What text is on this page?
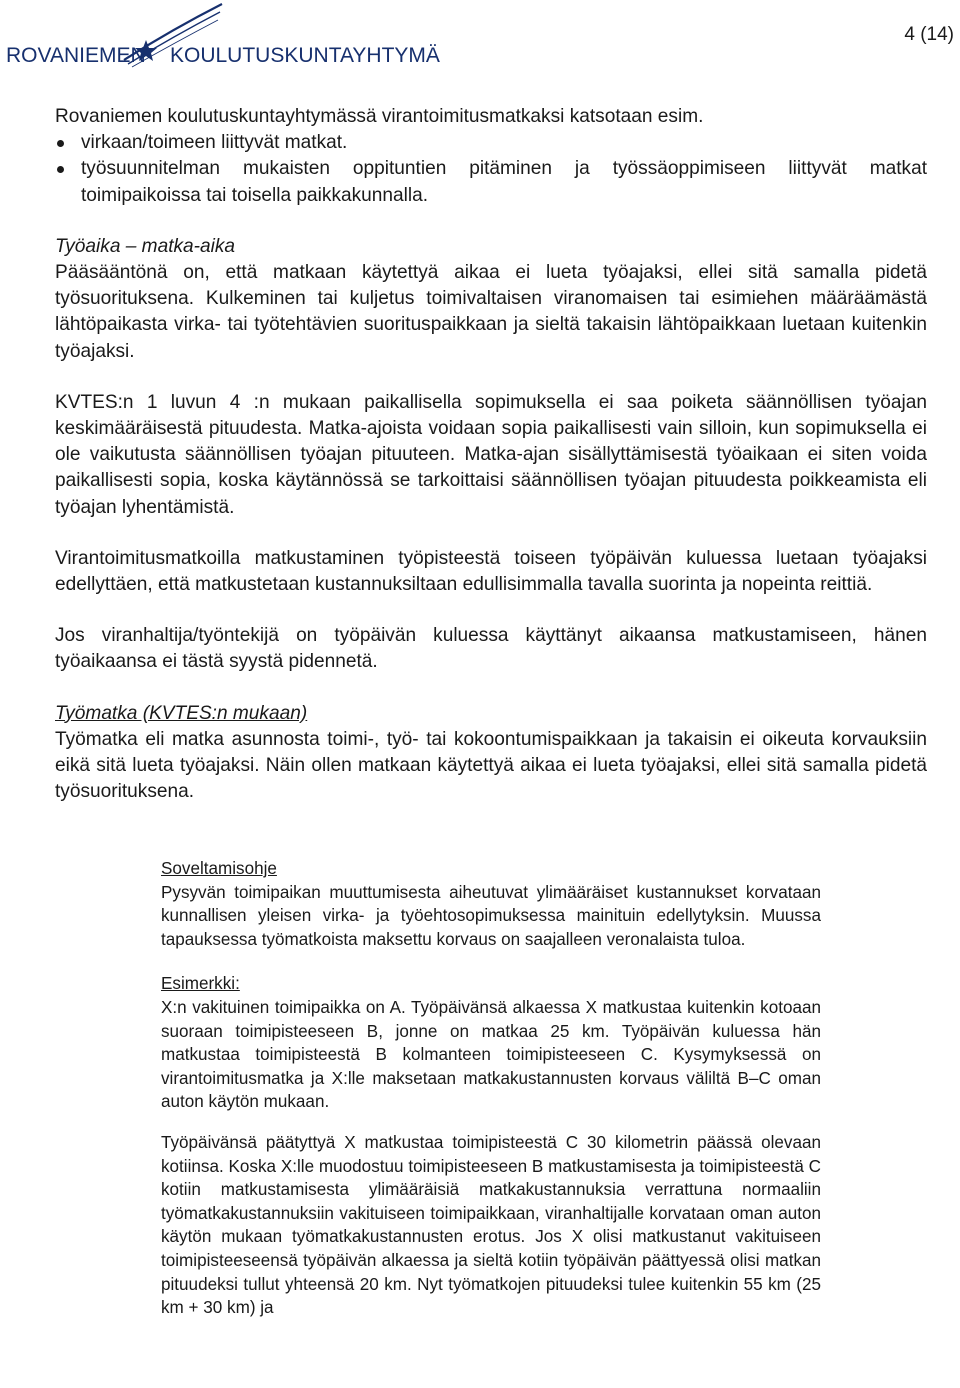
ROVANIEMEN KOULUTUSKUNTAYHTYMÄ
4 (14)

Rovaniemen koulutuskuntayhtymässä virantoimitusmatkaksi katsotaan esim.

virkaan/toimeen liittyvät matkat.
työsuunnitelman mukaisten oppituntien pitäminen ja työssäoppimiseen liittyvät matkat toimipaikoissa tai toisella paikkakunnalla.

Työaika – matka-aika

Pääsääntönä on, että matkaan käytettyä aikaa ei lueta työajaksi, ellei sitä samalla pidetä työsuorituksena. Kulkeminen tai kuljetus toimivaltaisen viranomaisen tai esimiehen määräämästä lähtöpaikasta virka- tai työtehtävien suorituspaikkaan ja sieltä takaisin lähtöpaikkaan luetaan kuitenkin työajaksi.

KVTES:n 1 luvun 4 :n mukaan paikallisella sopimuksella ei saa poiketa säännöllisen työajan keskimääräisestä pituudesta. Matka-ajoista voidaan sopia paikallisesti vain silloin, kun sopimuksella ei ole vaikutusta säännöllisen työajan pituuteen. Matka-ajan sisällyttämisestä työaikaan ei siten voida paikallisesti sopia, koska käytännössä se tarkoittaisi säännöllisen työajan pituudesta poikkeamista eli työajan lyhentämistä.

Virantoimitusmatkoilla matkustaminen työpisteestä toiseen työpäivän kuluessa luetaan työajaksi edellyttäen, että matkustetaan kustannuksiltaan edullisimmalla tavalla suorinta ja nopeinta reittiä.

Jos viranhaltija/työntekijä on työpäivän kuluessa käyttänyt aikaansa matkustamiseen, hänen työaikaansa ei tästä syystä pidennetä.

Työmatka (KVTES:n mukaan)

Työmatka eli matka asunnosta toimi-, työ- tai kokoontumispaikkaan ja takaisin ei oikeuta korvauksiin eikä sitä lueta työajaksi. Näin ollen matkaan käytettyä aikaa ei lueta työajaksi, ellei sitä samalla pidetä työsuorituksena.

Soveltamisohje

Pysyvän toimipaikan muuttumisesta aiheutuvat ylimääräiset kustannukset korvataan kunnallisen yleisen virka- ja työehtosopimuksessa mainituin edellytyksin. Muussa tapauksessa työmatkoista maksettu korvaus on saajalleen veronalaista tuloa.

Esimerkki:

X:n vakituinen toimipaikka on A. Työpäivänsä alkaessa X matkustaa kuitenkin kotoaan suoraan toimipisteeseen B, jonne on matkaa 25 km. Työpäivän kuluessa hän matkustaa toimipisteestä B kolmanteen toimipisteeseen C. Kysymyksessä on virantoimitusmatka ja X:lle maksetaan matkakustannusten korvaus väliltä B–C oman auton käytön mukaan.

Työpäivänsä päätyttyä X matkustaa toimipisteestä C 30 kilometrin päässä olevaan kotiinsa. Koska X:lle muodostuu toimipisteeseen B matkustamisesta ja toimipisteestä C kotiin matkustamisesta ylimääräisiä matkakustannuksia verrattuna normaaliin työmatkakustannuksiin vakituiseen toimipaikkaan, viranhaltijalle korvataan oman auton käytön mukaan työmatkakustannusten erotus. Jos X olisi matkustanut vakituiseen toimipisteeseensä työpäivän alkaessa ja sieltä kotiin työpäivän päättyessä olisi matkan pituudeksi tullut yhteensä 20 km. Nyt työmatkojen pituudeksi tulee kuitenkin 55 km (25 km + 30 km) ja
